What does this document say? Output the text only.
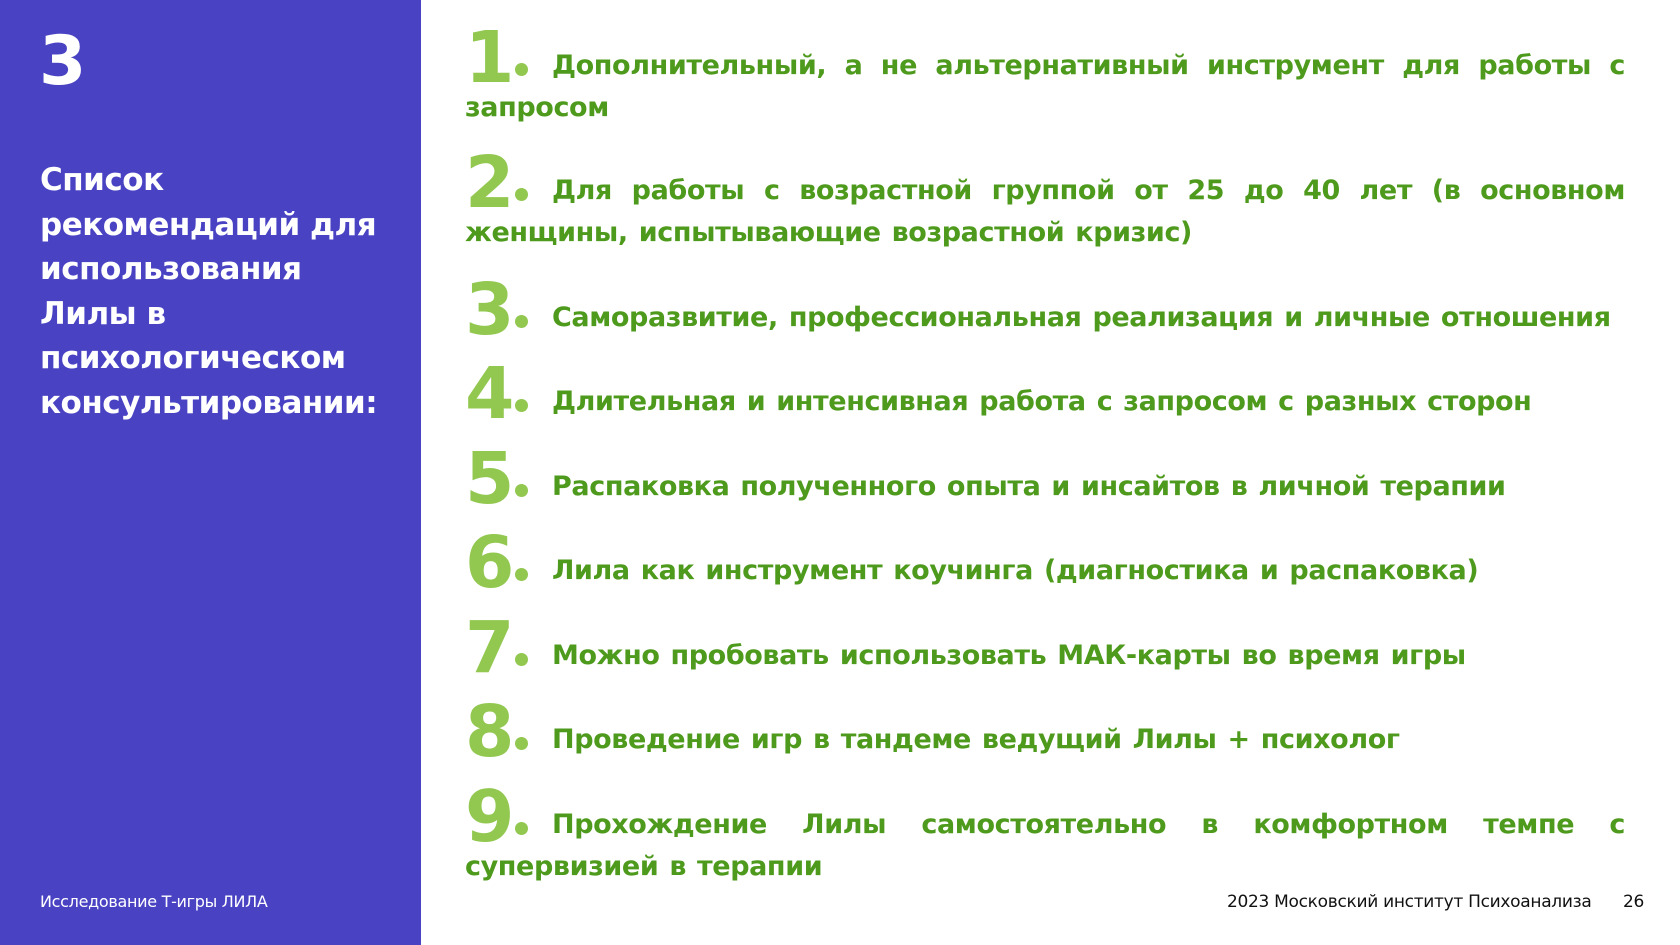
3
Список рекомендаций для использования Лилы в психологическом консультировании:
Исследование Т-игры ЛИЛА
1	Дополнительный, а не альтернативный инструмент для работы с запросом

2	Для работы с возрастной группой от 25 до 40 лет (в основном женщины, испытывающие возрастной кризис)

3	Саморазвитие, профессиональная реализация и личные отношения

4	Длительная и интенсивная работа с запросом с разных сторон

5	Распаковка полученного опыта и инсайтов в личной терапии

6	Лила как инструмент коучинга (диагностика и распаковка)

7	Можно пробовать использовать МАК-карты во время игры

8	Проведение игр в тандеме ведущий Лилы + психолог

9	Прохождение Лилы самостоятельно в комфортном темпе с супервизией в терапии

2023 Московский институт Психоанализа 26
